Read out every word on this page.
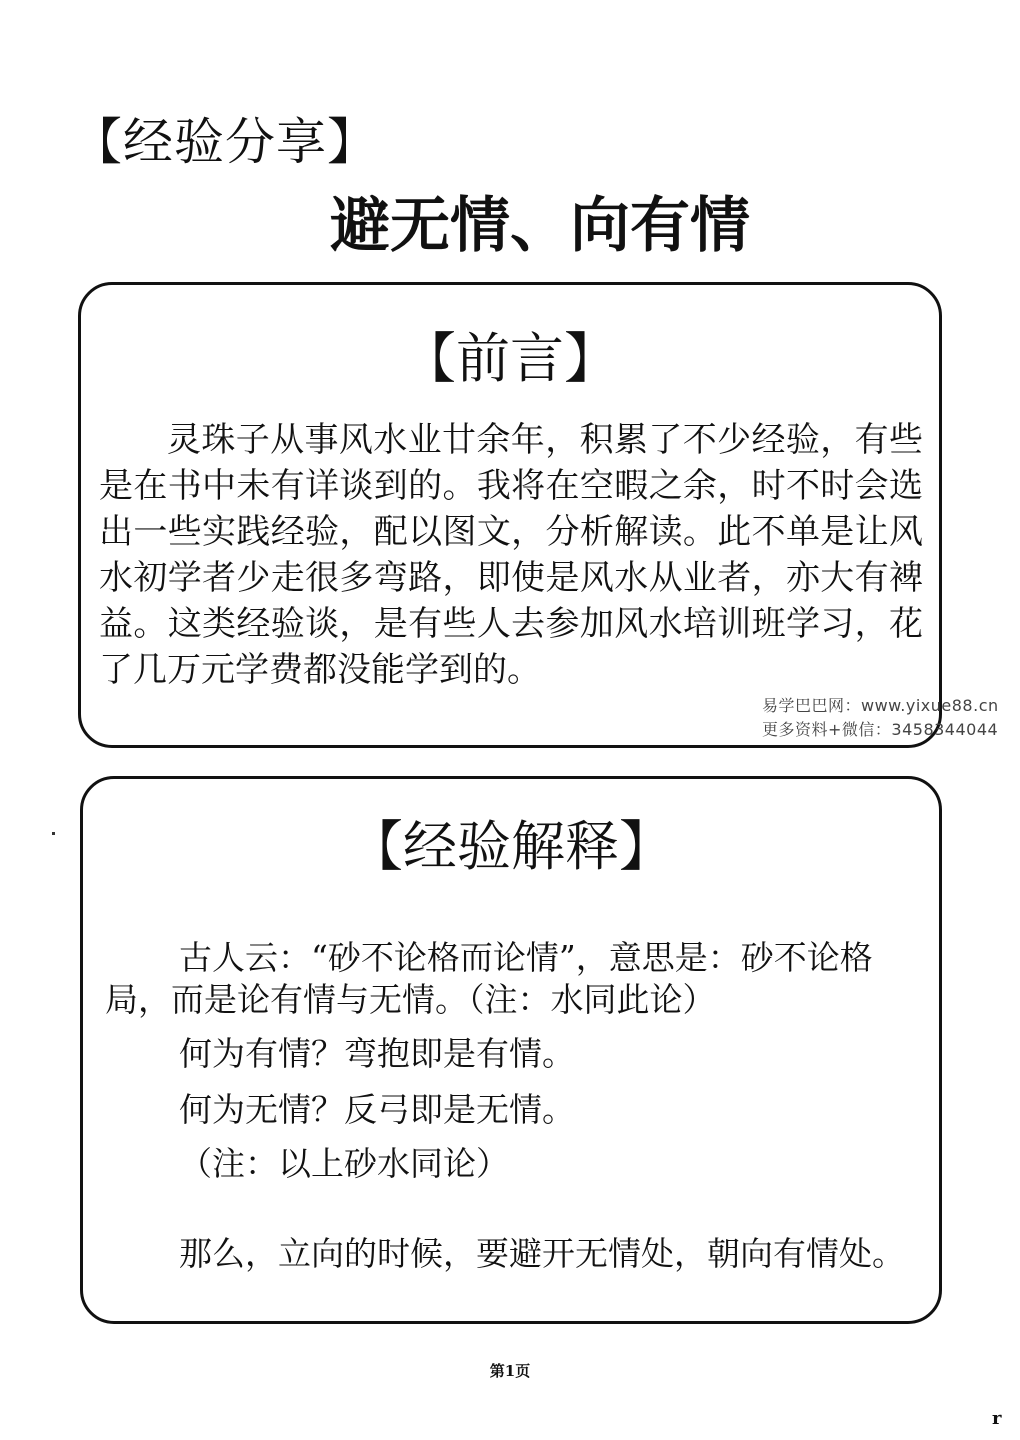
【经验分享】
避无情、向有情
【前言】
灵珠子从事风水业廿余年，积累了不少经验，有些是在书中未有详谈到的。我将在空暇之余，时不时会选出一些实践经验，配以图文，分析解读。此不单是让风水初学者少走很多弯路，即使是风水从业者，亦大有裨益。这类经验谈，是有些人去参加风水培训班学习，花了几万元学费都没能学到的。
易学巴巴网：www.yixue88.cn
更多资料+微信：3458344044
【经验解释】
古人云：“砂不论格而论情”，意思是：砂不论格
局，而是论有情与无情。（注：水同此论）
何为有情？弯抱即是有情。
何为无情？反弓即是无情。
（注：以上砂水同论）
那么，立向的时候，要避开无情处，朝向有情处。
第1页
r
